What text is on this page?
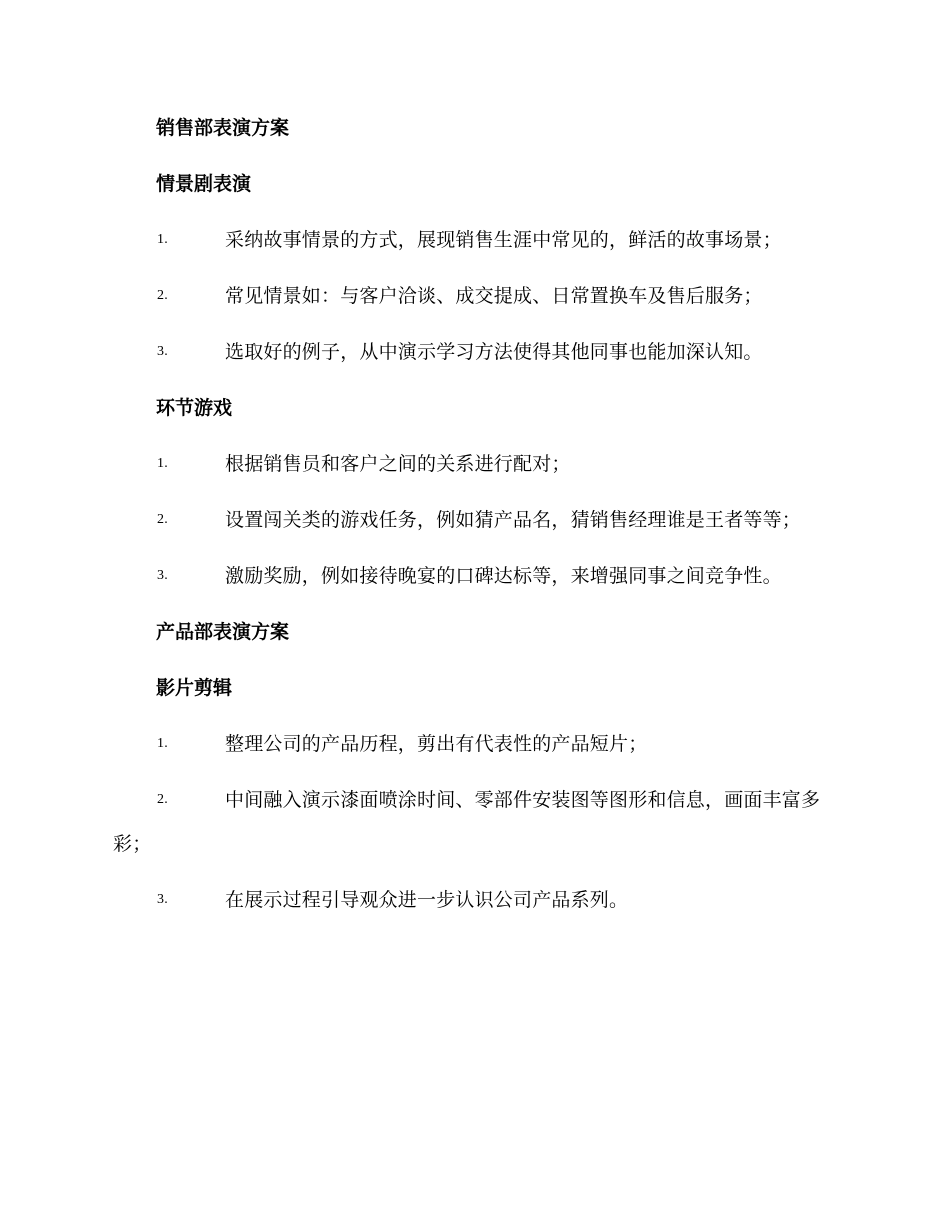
销售部表演方案

情景剧表演

1.	采纳故事情景的方式，展现销售生涯中常见的，鲜活的故事场景；

2.	常见情景如：与客户洽谈、成交提成、日常置换车及售后服务；

3.	选取好的例子，从中演示学习方法使得其他同事也能加深认知。

环节游戏

1.	根据销售员和客户之间的关系进行配对；

2.	设置闯关类的游戏任务，例如猜产品名，猜销售经理谁是王者等等；

3.	激励奖励，例如接待晚宴的口碑达标等，来增强同事之间竞争性。

产品部表演方案

影片剪辑

1.	整理公司的产品历程，剪出有代表性的产品短片；

2.	中间融入演示漆面喷涂时间、零部件安装图等图形和信息，画面丰富多彩；

3.	在展示过程引导观众进一步认识公司产品系列。
